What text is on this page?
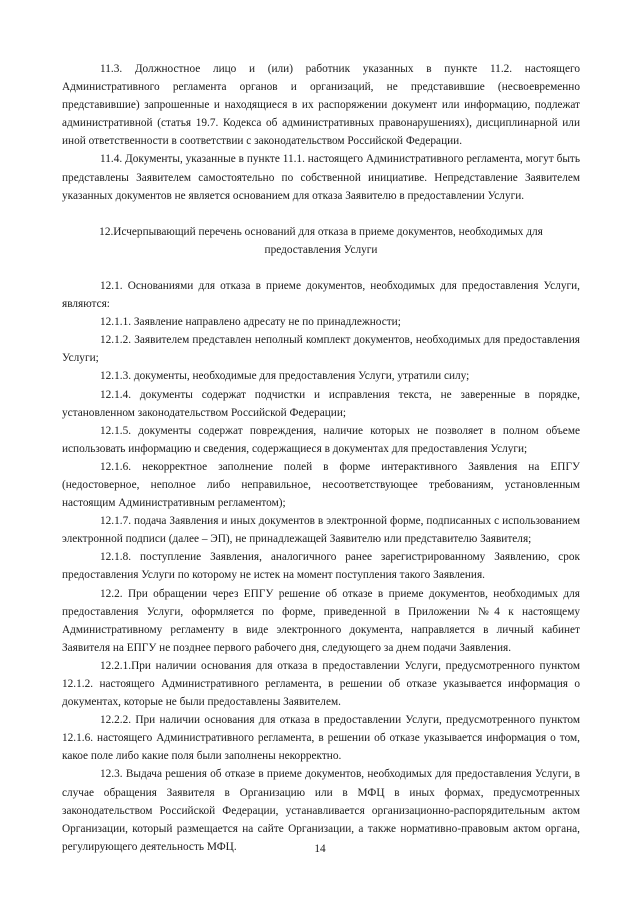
11.3. Должностное лицо и (или) работник указанных в пункте 11.2. настоящего Административного регламента органов и организаций, не представившие (несвоевременно представившие) запрошенные и находящиеся в их распоряжении документ или информацию, подлежат административной (статья 19.7. Кодекса об административных правонарушениях), дисциплинарной или иной ответственности в соответствии с законодательством Российской Федерации.

11.4. Документы, указанные в пункте 11.1. настоящего Административного регламента, могут быть представлены Заявителем самостоятельно по собственной инициативе. Непредставление Заявителем указанных документов не является основанием для отказа Заявителю в предоставлении Услуги.

12.Исчерпывающий перечень оснований для отказа в приеме документов, необходимых для предоставления Услуги

12.1. Основаниями для отказа в приеме документов, необходимых для предоставления Услуги, являются:

12.1.1. Заявление направлено адресату не по принадлежности;

12.1.2. Заявителем представлен неполный комплект документов, необходимых для предоставления Услуги;

12.1.3. документы, необходимые для предоставления Услуги, утратили силу;

12.1.4. документы содержат подчистки и исправления текста, не заверенные в порядке, установленном законодательством Российской Федерации;

12.1.5. документы содержат повреждения, наличие которых не позволяет в полном объеме использовать информацию и сведения, содержащиеся в документах для предоставления Услуги;

12.1.6. некорректное заполнение полей в форме интерактивного Заявления на ЕПГУ (недостоверное, неполное либо неправильное, несоответствующее требованиям, установленным настоящим Административным регламентом);

12.1.7. подача Заявления и иных документов в электронной форме, подписанных с использованием электронной подписи (далее – ЭП), не принадлежащей Заявителю или представителю Заявителя;

12.1.8. поступление Заявления, аналогичного ранее зарегистрированному Заявлению, срок предоставления Услуги по которому не истек на момент поступления такого Заявления.

12.2. При обращении через ЕПГУ решение об отказе в приеме документов, необходимых для предоставления Услуги, оформляется по форме, приведенной в Приложении №4 к настоящему Административному регламенту в виде электронного документа, направляется в личный кабинет Заявителя на ЕПГУ не позднее первого рабочего дня, следующего за днем подачи Заявления.

12.2.1.При наличии основания для отказа в предоставлении Услуги, предусмотренного пунктом 12.1.2. настоящего Административного регламента, в решении об отказе указывается информация о документах, которые не были предоставлены Заявителем.

12.2.2. При наличии основания для отказа в предоставлении Услуги, предусмотренного пунктом 12.1.6. настоящего Административного регламента, в решении об отказе указывается информация о том, какое поле либо какие поля были заполнены некорректно.

12.3. Выдача решения об отказе в приеме документов, необходимых для предоставления Услуги, в случае обращения Заявителя в Организацию или в МФЦ в иных формах, предусмотренных законодательством Российской Федерации, устанавливается организационно-распорядительным актом Организации, который размещается на сайте Организации, а также нормативно-правовым актом органа, регулирующего деятельность МФЦ.	14
